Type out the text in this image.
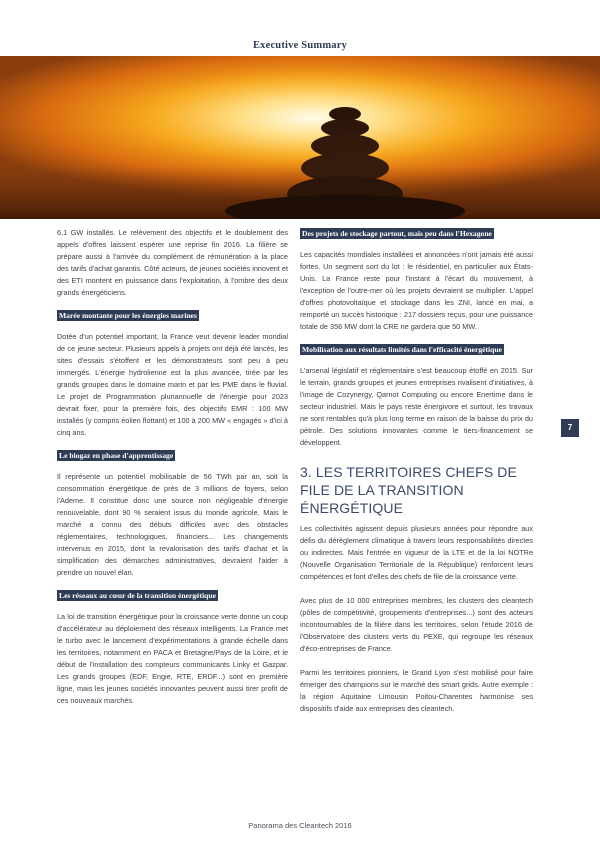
Executive Summary

6,1 GW installés. Le relèvement des objectifs et le doublement des appels d'offres laissent espérer une reprise fin 2016. La filière se prépare aussi à l'arrivée du complément de rémunération à la place des tarifs d'achat garantis. Côté acteurs, de jeunes sociétés innovent et des ETI montent en puissance dans l'exploitation, à l'ombre des deux grands énergéticiens.

Marée montante pour les énergies marines

Dotée d'un potentiel important, la France veut devenir leader mondial de ce jeune secteur. Plusieurs appels à projets ont déjà été lancés, les sites d'essais s'étoffent et les démonstrateurs sont peu à peu immergés. L'énergie hydrolienne est la plus avancée, tirée par les grands groupes dans le domaine marin et par les PME dans le fluvial. Le projet de Programmation pluriannuelle de l'énergie pour 2023 devrait fixer, pour la première fois, des objectifs EMR : 100 MW installés (y compris éolien flottant) et 100 à 200 MW « engagés » d'ici à cinq ans.

Le biogaz en phase d'apprentissage

Il représente un potentiel mobilisable de 56 TWh par an, soit la consommation énergétique de près de 3 millions de foyers, selon l'Ademe. Il constitue donc une source non négligeable d'énergie renouvelable, dont 90 % seraient issus du monde agricole. Mais le marché a connu des débuts difficiles avec des obstacles réglementaires, technologiques, financiers... Les changements intervenus en 2015, dont la revalorisation des tarifs d'achat et la simplification des démarches administratives, devraient l'aider à prendre un nouvel élan.

Les réseaux au cœur de la transition énergétique

La loi de transition énergétique pour la croissance verte donne un coup d'accélérateur au déploiement des réseaux intelligents. La France met le turbo avec le lancement d'expérimentations à grande échelle dans les territoires, notamment en PACA et Bretagne/Pays de la Loire, et le début de l'installation des compteurs communicants Linky et Gazpar. Les grands groupes (EDF, Engie, RTE, ERDF...) sont en première ligne, mais les jeunes sociétés innovantes peuvent aussi tirer profit de ces nouveaux marchés.

Des projets de stockage partout, mais peu dans l'Hexagone

Les capacités mondiales installées et annoncées n'ont jamais été aussi fortes. Un segment sort du lot : le résidentiel, en particulier aux États-Unis. La France reste pour l'instant à l'écart du mouvement, à l'exception de l'outre-mer où les projets devraient se multiplier. L'appel d'offres photovoltaïque et stockage dans les ZNI, lancé en mai, a remporté un succès historique : 217 dossiers reçus, pour une puissance totale de 356 MW dont la CRE ne gardera que 50 MW.

Mobilisation aux résultats limités dans l'efficacité énergétique

L'arsenal législatif et réglementaire s'est beaucoup étoffé en 2015. Sur le terrain, grands groupes et jeunes entreprises rivalisent d'initiatives, à l'image de Cozynergy, Qarnot Computing ou encore Enertime dans le secteur industriel. Mais le pays reste énergivore et surtout, les travaux ne sont rentables qu'à plus long terme en raison de la baisse du prix du pétrole. Des solutions innovantes comme le tiers-financement se développent.

3. LES TERRITOIRES CHEFS DE FILE DE LA TRANSITION ÉNERGÉTIQUE

Les collectivités agissent depuis plusieurs années pour répondre aux défis du dérèglement climatique à travers leurs responsabilités directes ou indirectes. Mais l'entrée en vigueur de la LTE et de la loi NOTRe (Nouvelle Organisation Territoriale de la République) renforcent leurs compétences et font d'elles des chefs de file de la croissance verte.

Avec plus de 10 000 entreprises membres, les clusters des cleantech (pôles de compétitivité, groupements d'entreprises...) sont des acteurs incontournables de la filière dans les territoires, selon l'étude 2016 de l'Observatoire des clusters verts du PEXE, qui regroupe les réseaux d'éco-entreprises de France.

Parmi les territoires pionniers, le Grand Lyon s'est mobilisé pour faire émerger des champions sur le marché des smart grids. Autre exemple : la région Aquitaine Limousin Poitou-Charentes harmonise ses dispositifs d'aide aux entreprises des cleantech.

7
Panorama des Cleantech 2016
